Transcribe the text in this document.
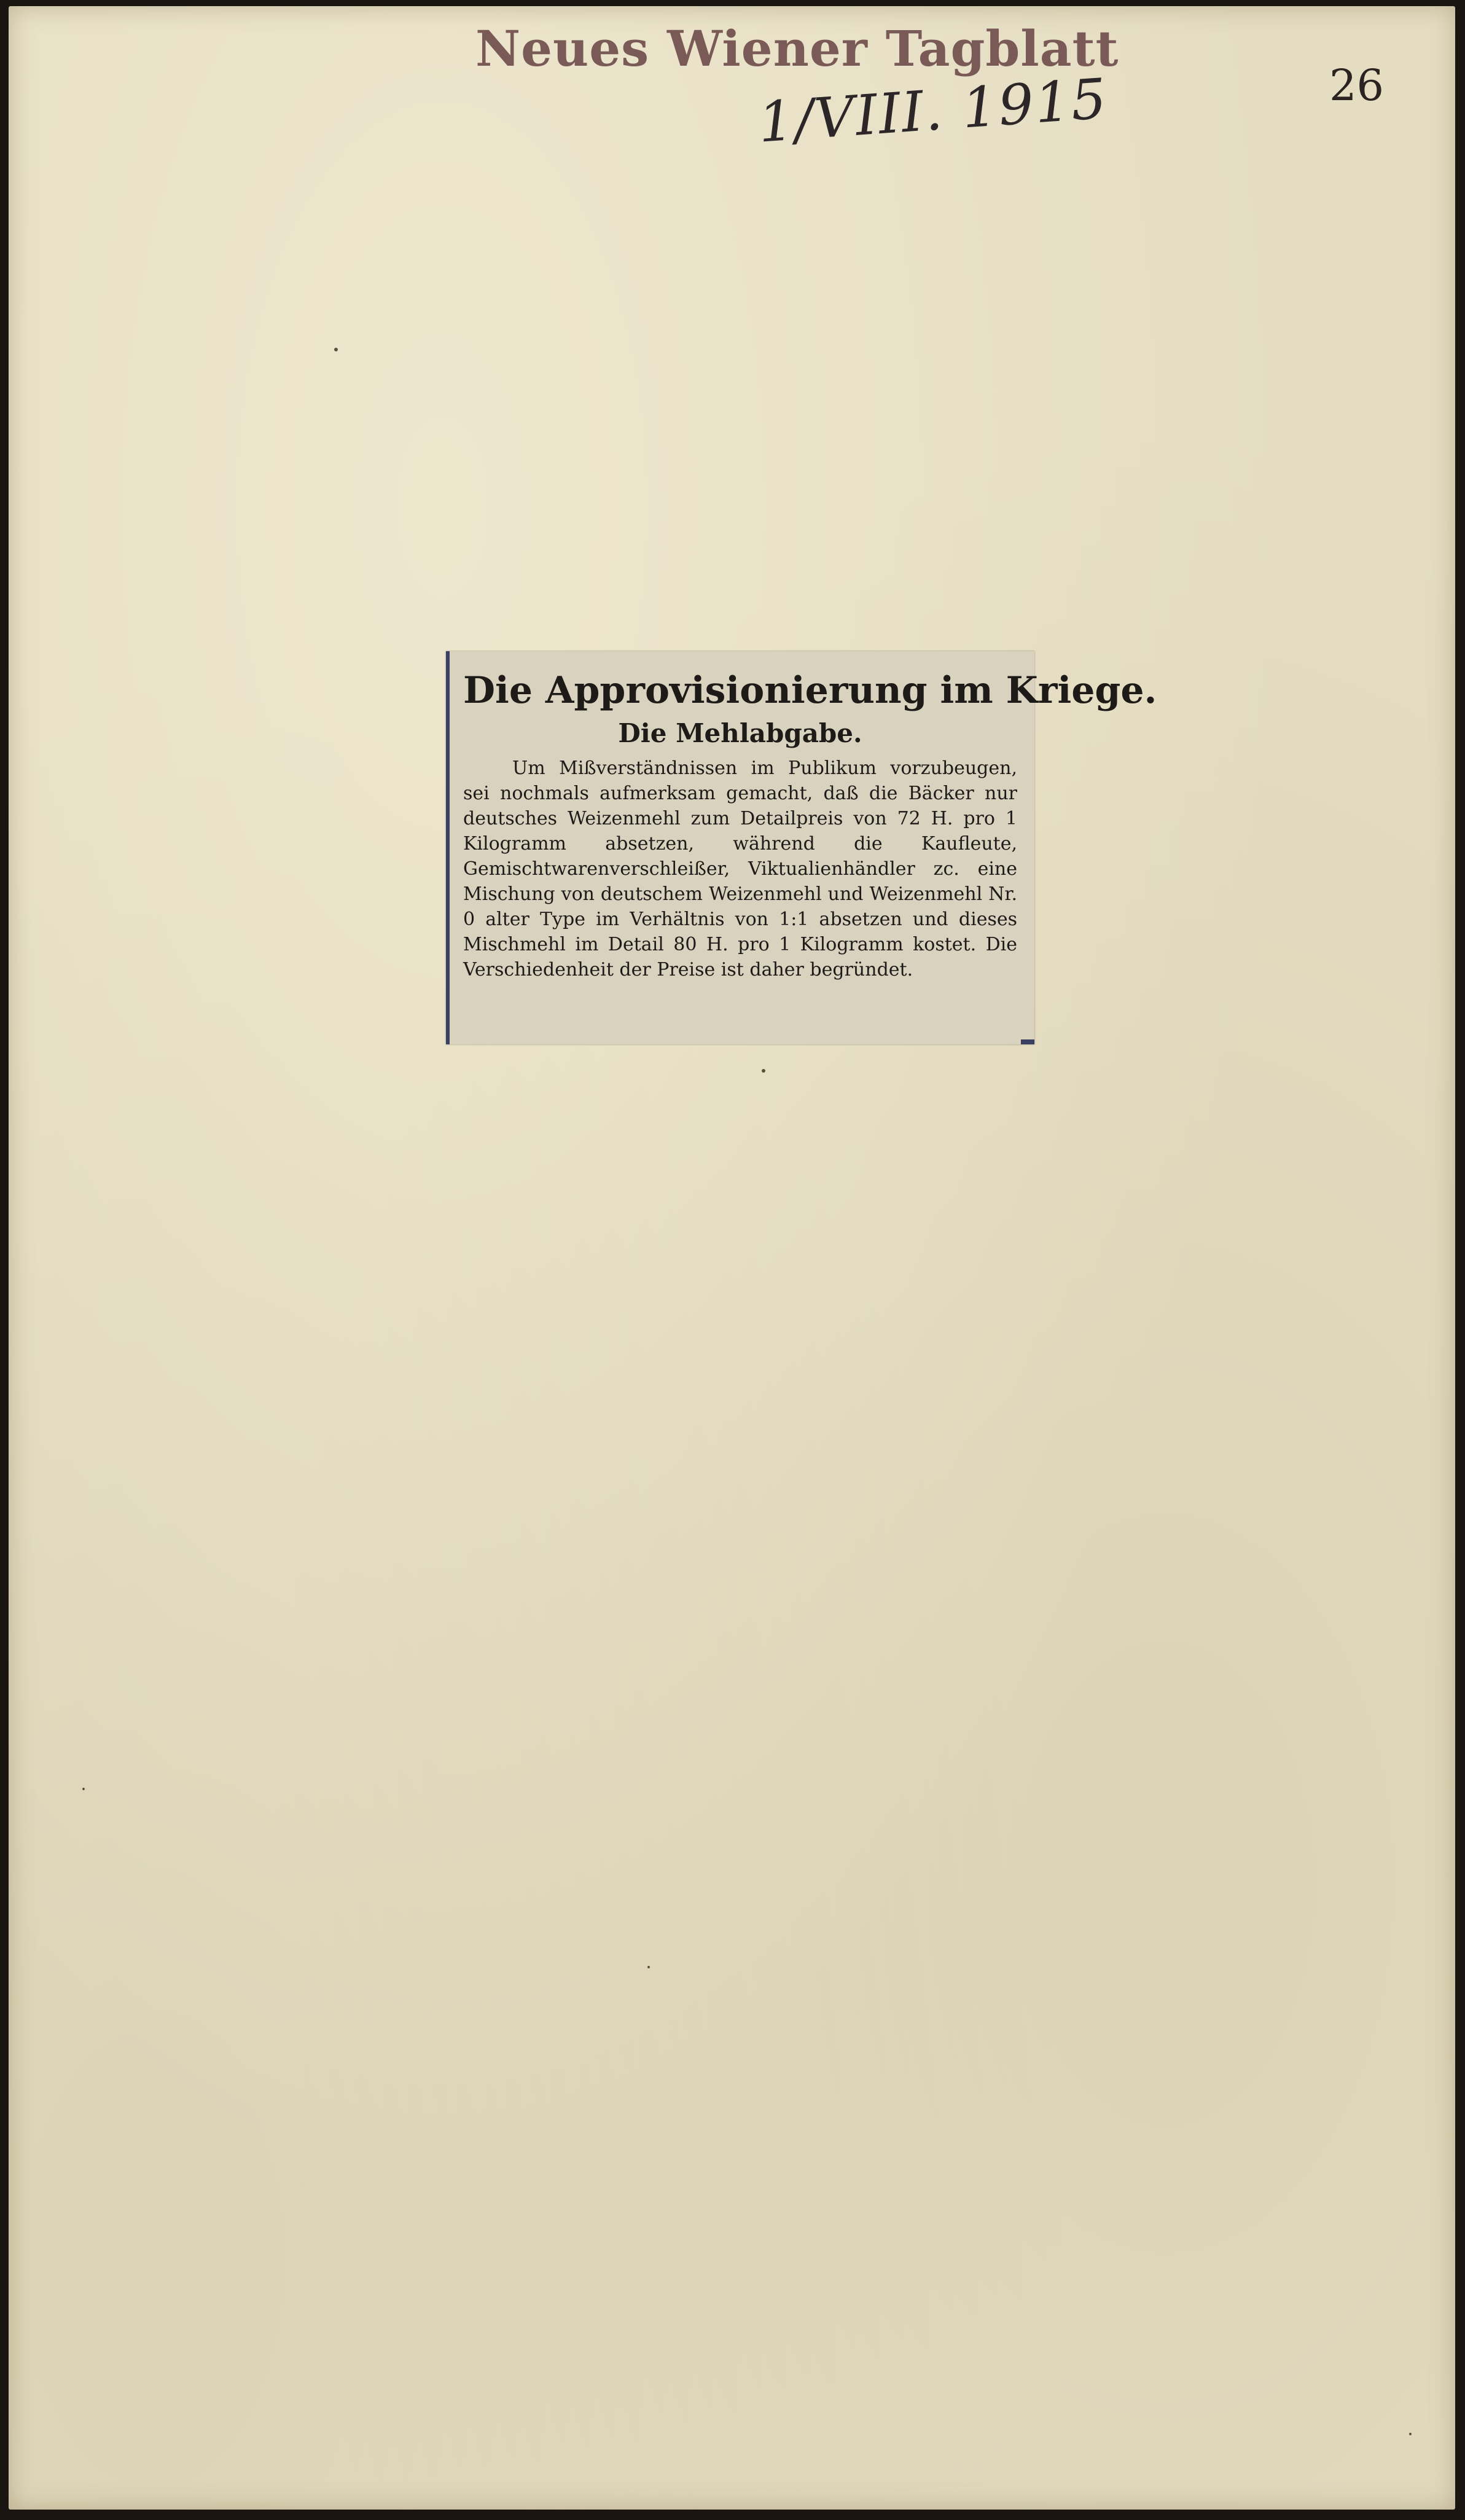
Neues Wiener Tagblatt
1/VIII. 1915	26
Die Approvisionierung im Kriege.
Die Mehlabgabe.

Um Mißverständnissen im Publikum vorzubeugen, sei nochmals aufmerksam gemacht, daß die Bäcker nur deutsches Weizenmehl zum Detailpreis von 72 H. pro 1 Kilogramm absetzen, während die Kaufleute, Gemischtwarenverschleißer, Viktualienhändler zc. eine Mischung von deutschem Weizenmehl und Weizenmehl Nr. 0 alter Type im Verhältnis von 1:1 absetzen und dieses Mischmehl im Detail 80 H. pro 1 Kilogramm kostet. Die Verschiedenheit der Preise ist daher begründet.
